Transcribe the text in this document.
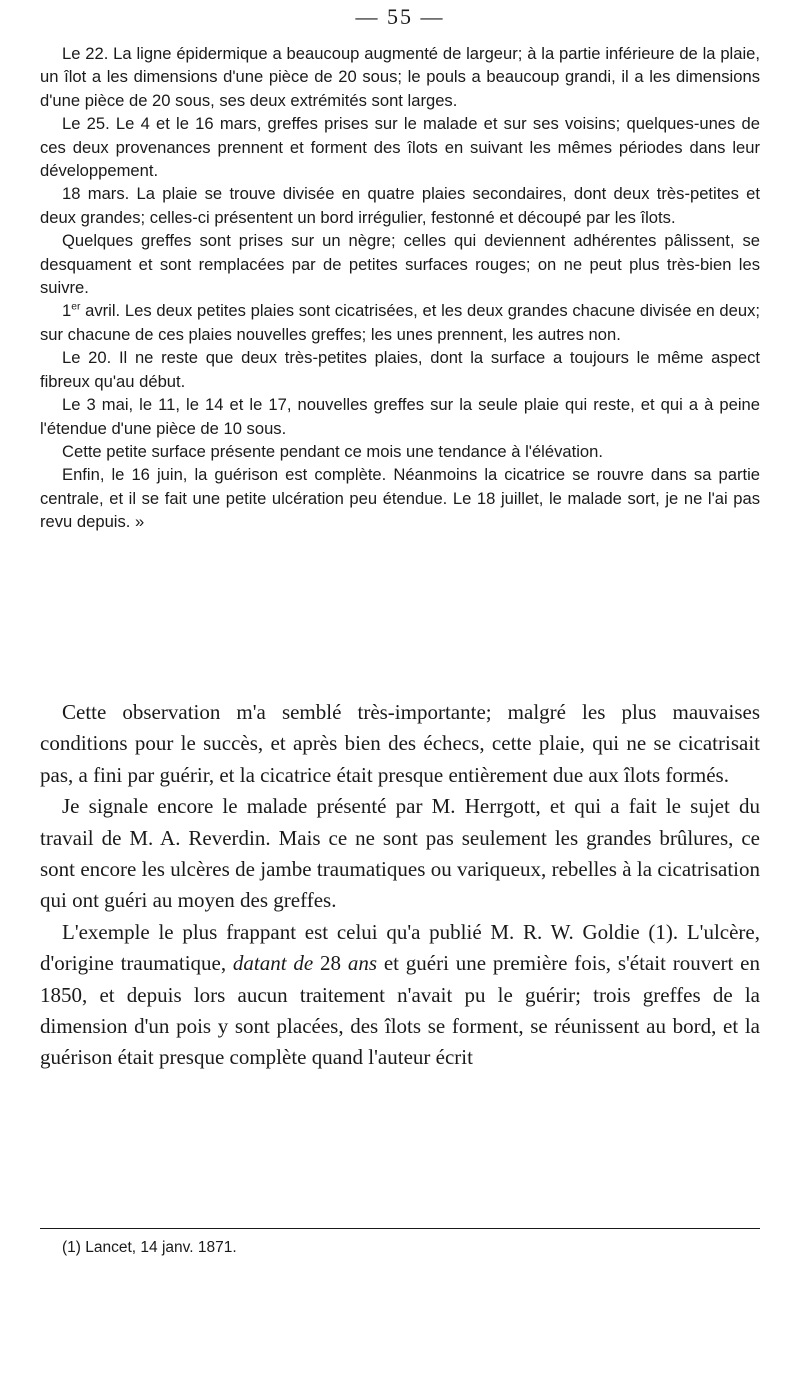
— 55 —

Le 22. La ligne épidermique a beaucoup augmenté de largeur; à la partie inférieure de la plaie, un îlot a les dimensions d'une pièce de 20 sous; le pouls a beaucoup grandi, il a les dimensions d'une pièce de 20 sous, ses deux extrémités sont larges.

Le 25. Le 4 et le 16 mars, greffes prises sur le malade et sur ses voisins; quelques-unes de ces deux provenances prennent et forment des îlots en suivant les mêmes périodes dans leur développement.

18 mars. La plaie se trouve divisée en quatre plaies secondaires, dont deux très-petites et deux grandes; celles-ci présentent un bord irrégulier, festonné et découpé par les îlots.

Quelques greffes sont prises sur un nègre; celles qui deviennent adhérentes pâlissent, se desquament et sont remplacées par de petites surfaces rouges; on ne peut plus très-bien les suivre.

1er avril. Les deux petites plaies sont cicatrisées, et les deux grandes chacune divisée en deux; sur chacune de ces plaies nouvelles greffes; les unes prennent, les autres non.

Le 20. Il ne reste que deux très-petites plaies, dont la surface a toujours le même aspect fibreux qu'au début.

Le 3 mai, le 11, le 14 et le 17, nouvelles greffes sur la seule plaie qui reste, et qui a à peine l'étendue d'une pièce de 10 sous.

Cette petite surface présente pendant ce mois une tendance à l'élévation.

Enfin, le 16 juin, la guérison est complète. Néanmoins la cicatrice se rouvre dans sa partie centrale, et il se fait une petite ulcération peu étendue. Le 18 juillet, le malade sort, je ne l'ai pas revu depuis. »

Cette observation m'a semblé très-importante; malgré les plus mauvaises conditions pour le succès, et après bien des échecs, cette plaie, qui ne se cicatrisait pas, a fini par guérir, et la cicatrice était presque entièrement due aux îlots formés.

Je signale encore le malade présenté par M. Herrgott, et qui a fait le sujet du travail de M. A. Reverdin. Mais ce ne sont pas seulement les grandes brûlures, ce sont encore les ulcères de jambe traumatiques ou variqueux, rebelles à la cicatrisation qui ont guéri au moyen des greffes.

L'exemple le plus frappant est celui qu'a publié M. R. W. Goldie (1). L'ulcère, d'origine traumatique, datant de 28 ans et guéri une première fois, s'était rouvert en 1850, et depuis lors aucun traitement n'avait pu le guérir; trois greffes de la dimension d'un pois y sont placées, des îlots se forment, se réunissent au bord, et la guérison était presque complète quand l'auteur écrit

(1) Lancet, 14 janv. 1871.
